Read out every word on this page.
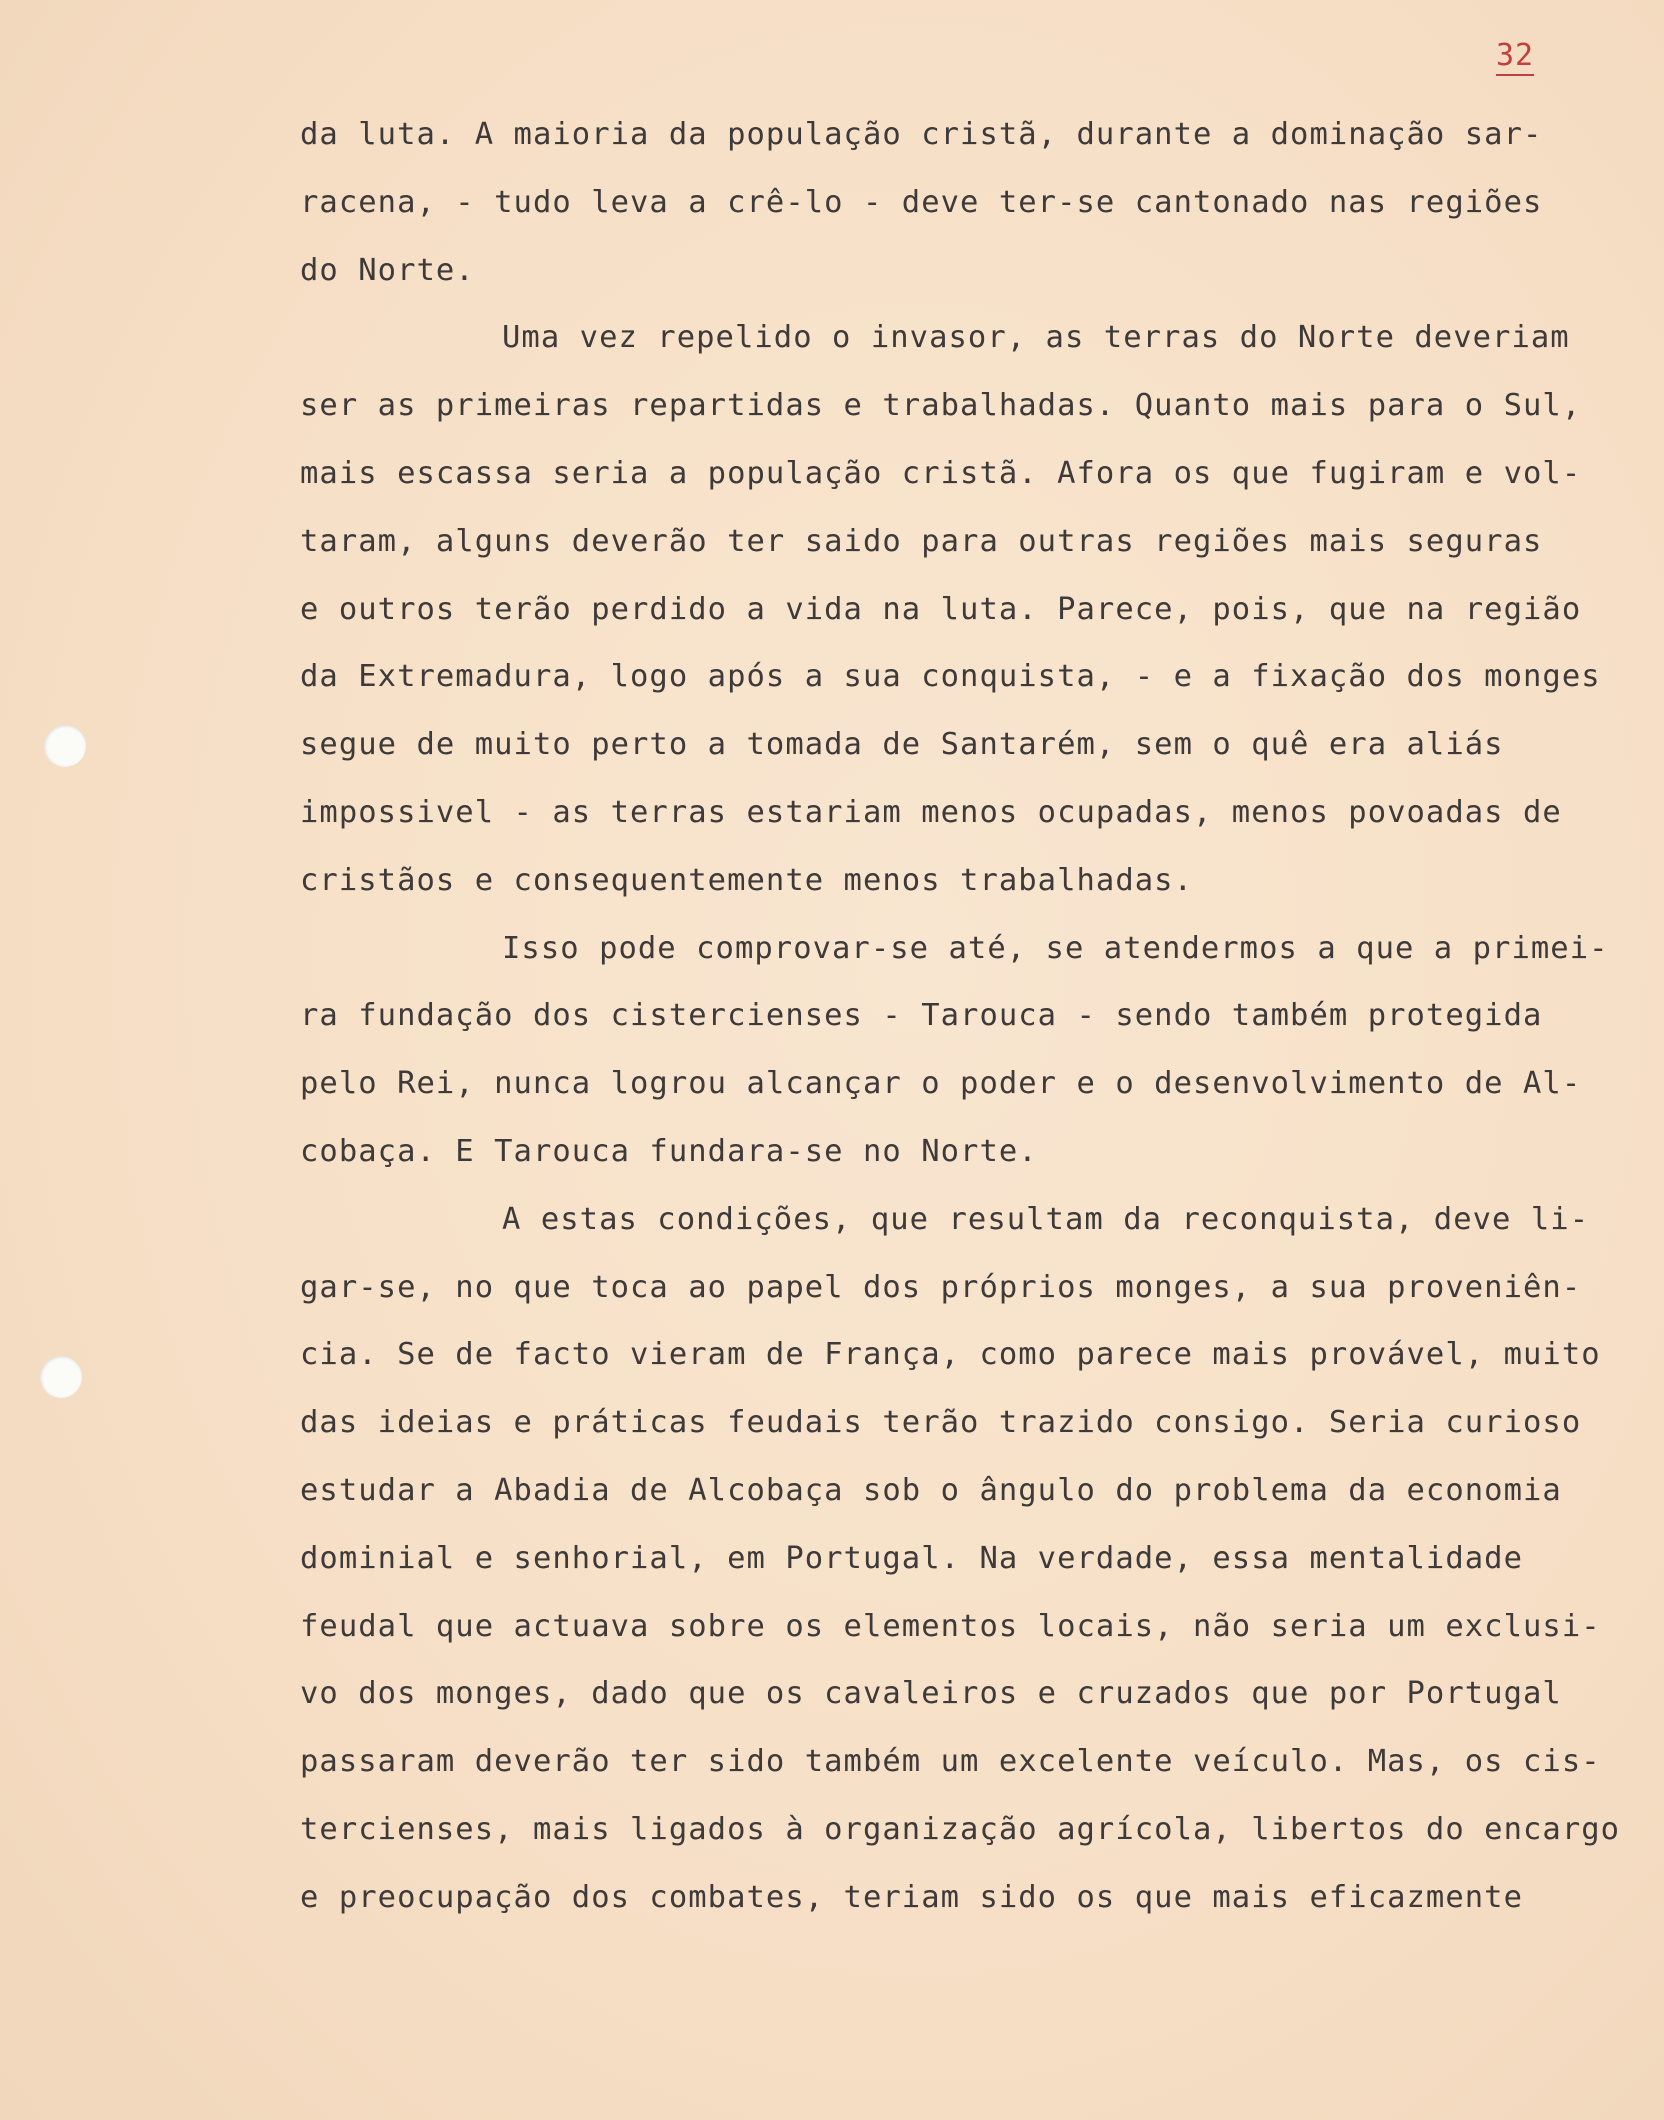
32
da luta. A maioria da população cristã, durante a dominação sar-
racena, - tudo leva a crê-lo - deve ter-se cantonado nas regiões
do Norte.
Uma vez repelido o invasor, as terras do Norte deveriam
ser as primeiras repartidas e trabalhadas. Quanto mais para o Sul,
mais escassa seria a população cristã. Afora os que fugiram e vol-
taram, alguns deverão ter saido para outras regiões mais seguras
e outros terão perdido a vida na luta. Parece, pois, que na região
da Extremadura, logo após a sua conquista, - e a fixação dos monges
segue de muito perto a tomada de Santarém, sem o quê era aliás
impossivel - as terras estariam menos ocupadas, menos povoadas de
cristãos e consequentemente menos trabalhadas.
Isso pode comprovar-se até, se atendermos a que a primei-
ra fundação dos cistercienses - Tarouca - sendo também protegida
pelo Rei, nunca logrou alcançar o poder e o desenvolvimento de Al-
cobaça. E Tarouca fundara-se no Norte.
A estas condições, que resultam da reconquista, deve li-
gar-se, no que toca ao papel dos próprios monges, a sua proveniên-
cia. Se de facto vieram de França, como parece mais provável, muito
das ideias e práticas feudais terão trazido consigo. Seria curioso
estudar a Abadia de Alcobaça sob o ângulo do problema da economia
dominial e senhorial, em Portugal. Na verdade, essa mentalidade
feudal que actuava sobre os elementos locais, não seria um exclusi-
vo dos monges, dado que os cavaleiros e cruzados que por Portugal
passaram deverão ter sido também um excelente veículo. Mas, os cis-
tercienses, mais ligados à organização agrícola, libertos do encargo
e preocupação dos combates, teriam sido os que mais eficazmente
